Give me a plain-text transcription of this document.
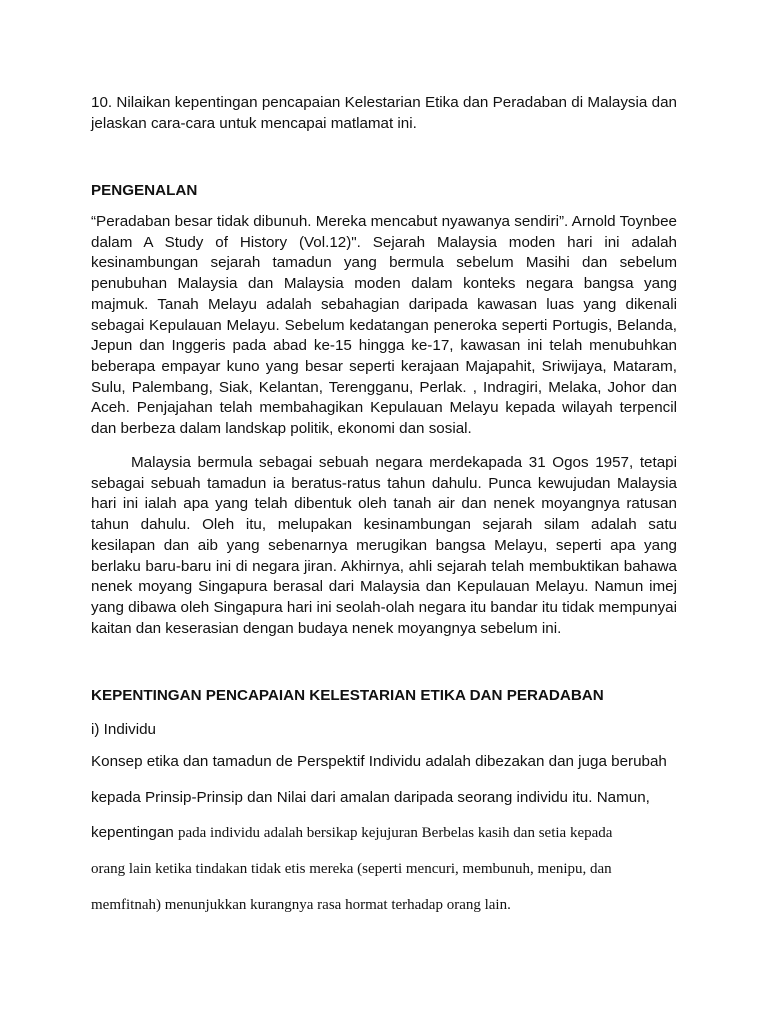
10. Nilaikan kepentingan pencapaian Kelestarian Etika dan Peradaban di Malaysia dan jelaskan cara-cara untuk mencapai matlamat ini.

PENGENALAN

“Peradaban besar tidak dibunuh. Mereka mencabut nyawanya sendiri”. Arnold Toynbee dalam A Study of History (Vol.12)". Sejarah Malaysia moden hari ini adalah kesinambungan sejarah tamadun yang bermula sebelum Masihi dan sebelum penubuhan Malaysia dan Malaysia moden dalam konteks negara bangsa yang majmuk. Tanah Melayu adalah sebahagian daripada kawasan luas yang dikenali sebagai Kepulauan Melayu. Sebelum kedatangan peneroka seperti Portugis, Belanda, Jepun dan Inggeris pada abad ke-15 hingga ke-17, kawasan ini telah menubuhkan beberapa empayar kuno yang besar seperti kerajaan Majapahit, Sriwijaya, Mataram, Sulu, Palembang, Siak, Kelantan, Terengganu, Perlak. , Indragiri, Melaka, Johor dan Aceh. Penjajahan telah membahagikan Kepulauan Melayu kepada wilayah terpencil dan berbeza dalam landskap politik, ekonomi dan sosial.

Malaysia bermula sebagai sebuah negara merdekapada 31 Ogos 1957, tetapi sebagai sebuah tamadun ia beratus-ratus tahun dahulu. Punca kewujudan Malaysia hari ini ialah apa yang telah dibentuk oleh tanah air dan nenek moyangnya ratusan tahun dahulu. Oleh itu, melupakan kesinambungan sejarah silam adalah satu kesilapan dan aib yang sebenarnya merugikan bangsa Melayu, seperti apa yang berlaku baru-baru ini di negara jiran. Akhirnya, ahli sejarah telah membuktikan bahawa nenek moyang Singapura berasal dari Malaysia dan Kepulauan Melayu. Namun imej yang dibawa oleh Singapura hari ini seolah-olah negara itu bandar itu tidak mempunyai kaitan dan keserasian dengan budaya nenek moyangnya sebelum ini.

KEPENTINGAN PENCAPAIAN KELESTARIAN ETIKA DAN PERADABAN

i) Individu

Konsep etika dan tamadun de Perspektif Individu adalah dibezakan dan juga berubah

kepada Prinsip-Prinsip dan Nilai dari amalan daripada seorang individu itu. Namun,

kepentingan pada individu adalah bersikap kejujuran Berbelas kasih dan setia kepada

orang lain ketika tindakan tidak etis mereka (seperti mencuri, membunuh, menipu, dan

memfitnah) menunjukkan kurangnya rasa hormat terhadap orang lain.
